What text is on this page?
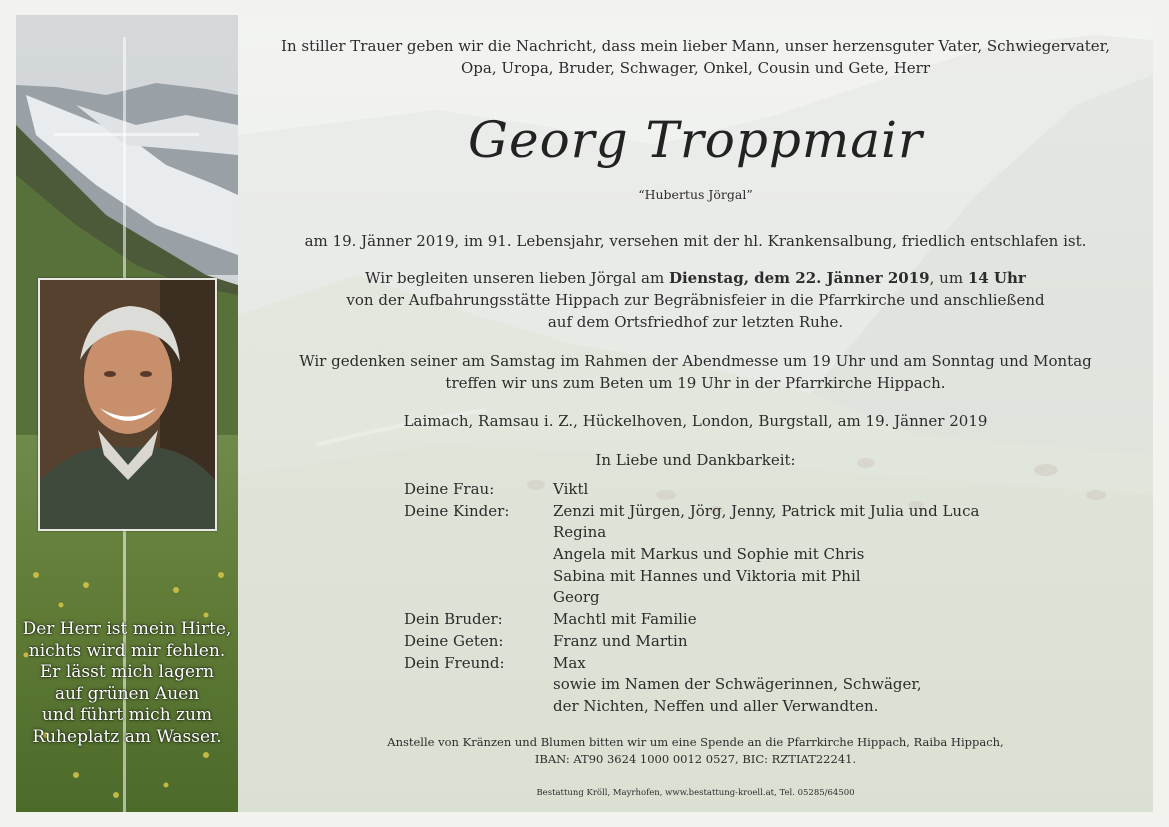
Der Herr ist mein Hirte,
nichts wird mir fehlen.
Er lässt mich lagern
auf grünen Auen
und führt mich zum
Ruheplatz am Wasser.
In stiller Trauer geben wir die Nachricht, dass mein lieber Mann, unser herzensguter Vater, Schwiegervater,
Opa, Uropa, Bruder, Schwager, Onkel, Cousin und Gete, Herr
Georg Troppmair
“Hubertus Jörgal”
am 19. Jänner 2019, im 91. Lebensjahr, versehen mit der hl. Krankensalbung, friedlich entschlafen ist.
Wir begleiten unseren lieben Jörgal am Dienstag, dem 22. Jänner 2019, um 14 Uhr
von der Aufbahrungsstätte Hippach zur Begräbnisfeier in die Pfarrkirche und anschließend
auf dem Ortsfriedhof zur letzten Ruhe.
Wir gedenken seiner am Samstag im Rahmen der Abendmesse um 19 Uhr und am Sonntag und Montag
treffen wir uns zum Beten um 19 Uhr in der Pfarrkirche Hippach.
Laimach, Ramsau i. Z., Hückelhoven, London, Burgstall, am 19. Jänner 2019
In Liebe und Dankbarkeit:
Deine Frau:	Viktl
Deine Kinder:	Zenzi mit Jürgen, Jörg, Jenny, Patrick mit Julia und Luca
Regina
Angela mit Markus und Sophie mit Chris
Sabina mit Hannes und Viktoria mit Phil
Georg
Dein Bruder:	Machtl mit Familie
Deine Geten:	Franz und Martin
Dein Freund:	Max
sowie im Namen der Schwägerinnen, Schwäger,
der Nichten, Neffen und aller Verwandten.
Anstelle von Kränzen und Blumen bitten wir um eine Spende an die Pfarrkirche Hippach, Raiba Hippach,
IBAN: AT90 3624 1000 0012 0527, BIC: RZTIAT22241.
Bestattung Kröll, Mayrhofen, www.bestattung-kroell.at, Tel. 05285/64500
